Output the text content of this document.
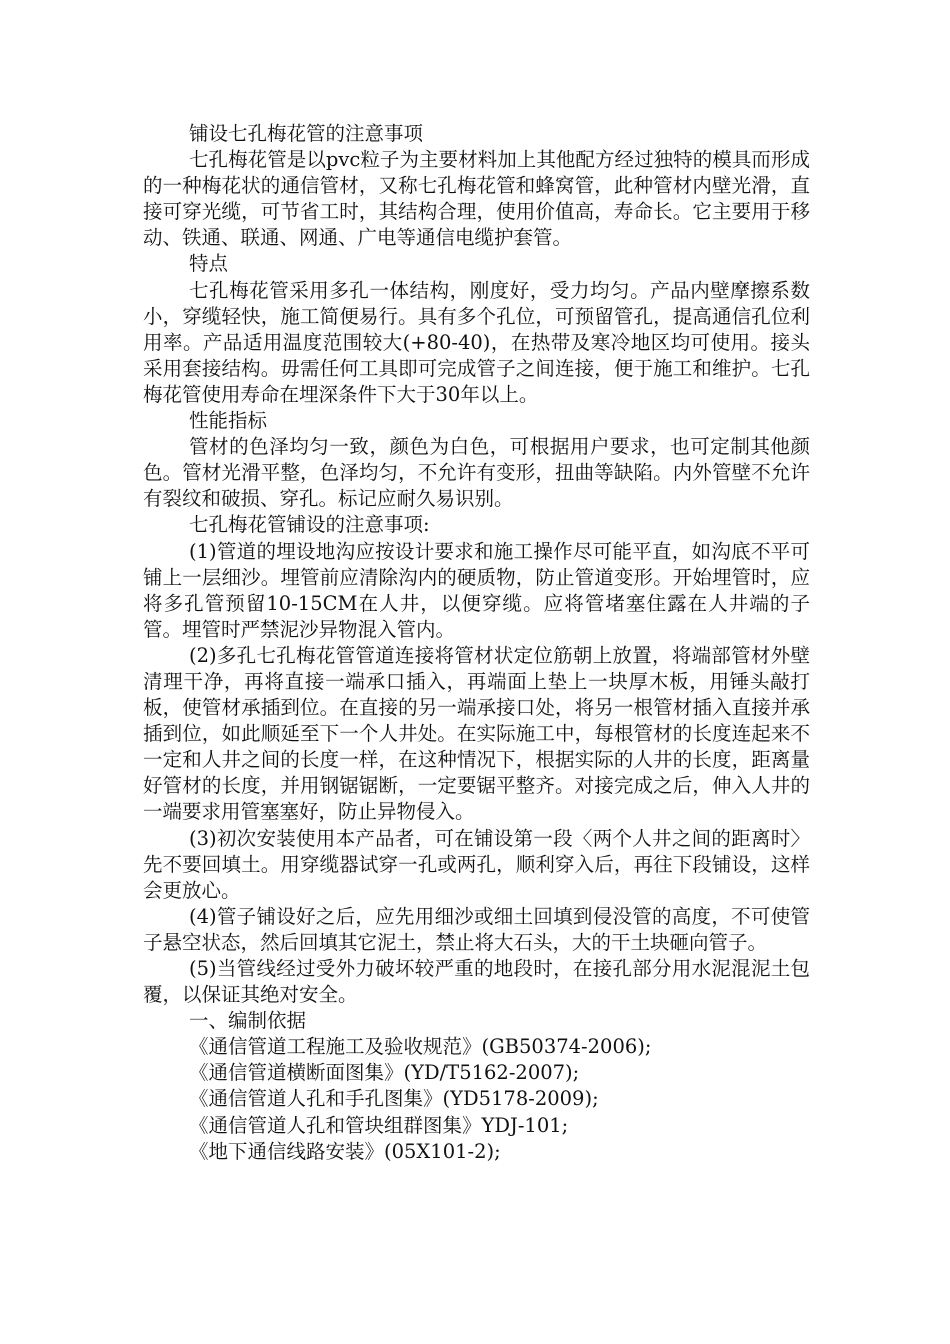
铺设七孔梅花管的注意事项

七孔梅花管是以pvc粒子为主要材料加上其他配方经过独特的模具而形成的一种梅花状的通信管材，又称七孔梅花管和蜂窝管，此种管材内壁光滑，直接可穿光缆，可节省工时，其结构合理，使用价值高，寿命长。它主要用于移动、铁通、联通、网通、广电等通信电缆护套管。

特点

七孔梅花管采用多孔一体结构，刚度好，受力均匀。产品内壁摩擦系数小，穿缆轻快，施工简便易行。具有多个孔位，可预留管孔，提高通信孔位利用率。产品适用温度范围较大(+80-40)，在热带及寒冷地区均可使用。接头采用套接结构。毋需任何工具即可完成管子之间连接，便于施工和维护。七孔梅花管使用寿命在埋深条件下大于30年以上。

性能指标

管材的色泽均匀一致，颜色为白色，可根据用户要求，也可定制其他颜色。管材光滑平整，色泽均匀，不允许有变形，扭曲等缺陷。内外管壁不允许有裂纹和破损、穿孔。标记应耐久易识别。

七孔梅花管铺设的注意事项:

(1)管道的埋设地沟应按设计要求和施工操作尽可能平直，如沟底不平可铺上一层细沙。埋管前应清除沟内的硬质物，防止管道变形。开始埋管时，应将多孔管预留10-15CM在人井，以便穿缆。应将管堵塞住露在人井端的子管。埋管时严禁泥沙异物混入管内。

(2)多孔七孔梅花管管道连接将管材状定位筋朝上放置，将端部管材外壁清理干净，再将直接一端承口插入，再端面上垫上一块厚木板，用锤头敲打板，使管材承插到位。在直接的另一端承接口处，将另一根管材插入直接并承插到位，如此顺延至下一个人井处。在实际施工中，每根管材的长度连起来不一定和人井之间的长度一样，在这种情况下，根据实际的人井的长度，距离量好管材的长度，并用钢锯锯断，一定要锯平整齐。对接完成之后，伸入人井的一端要求用管塞塞好，防止异物侵入。

(3)初次安装使用本产品者，可在铺设第一段〈两个人井之间的距离时〉先不要回填土。用穿缆器试穿一孔或两孔，顺利穿入后，再往下段铺设，这样会更放心。

(4)管子铺设好之后，应先用细沙或细土回填到侵没管的高度，不可使管子悬空状态，然后回填其它泥土，禁止将大石头，大的干土块砸向管子。

(5)当管线经过受外力破坏较严重的地段时，在接孔部分用水泥混泥土包覆，以保证其绝对安全。

一、编制依据

《通信管道工程施工及验收规范》(GB50374-2006);

《通信管道横断面图集》(YD/T5162-2007);

《通信管道人孔和手孔图集》(YD5178-2009);

《通信管道人孔和管块组群图集》YDJ-101;

《地下通信线路安装》(05X101-2);
